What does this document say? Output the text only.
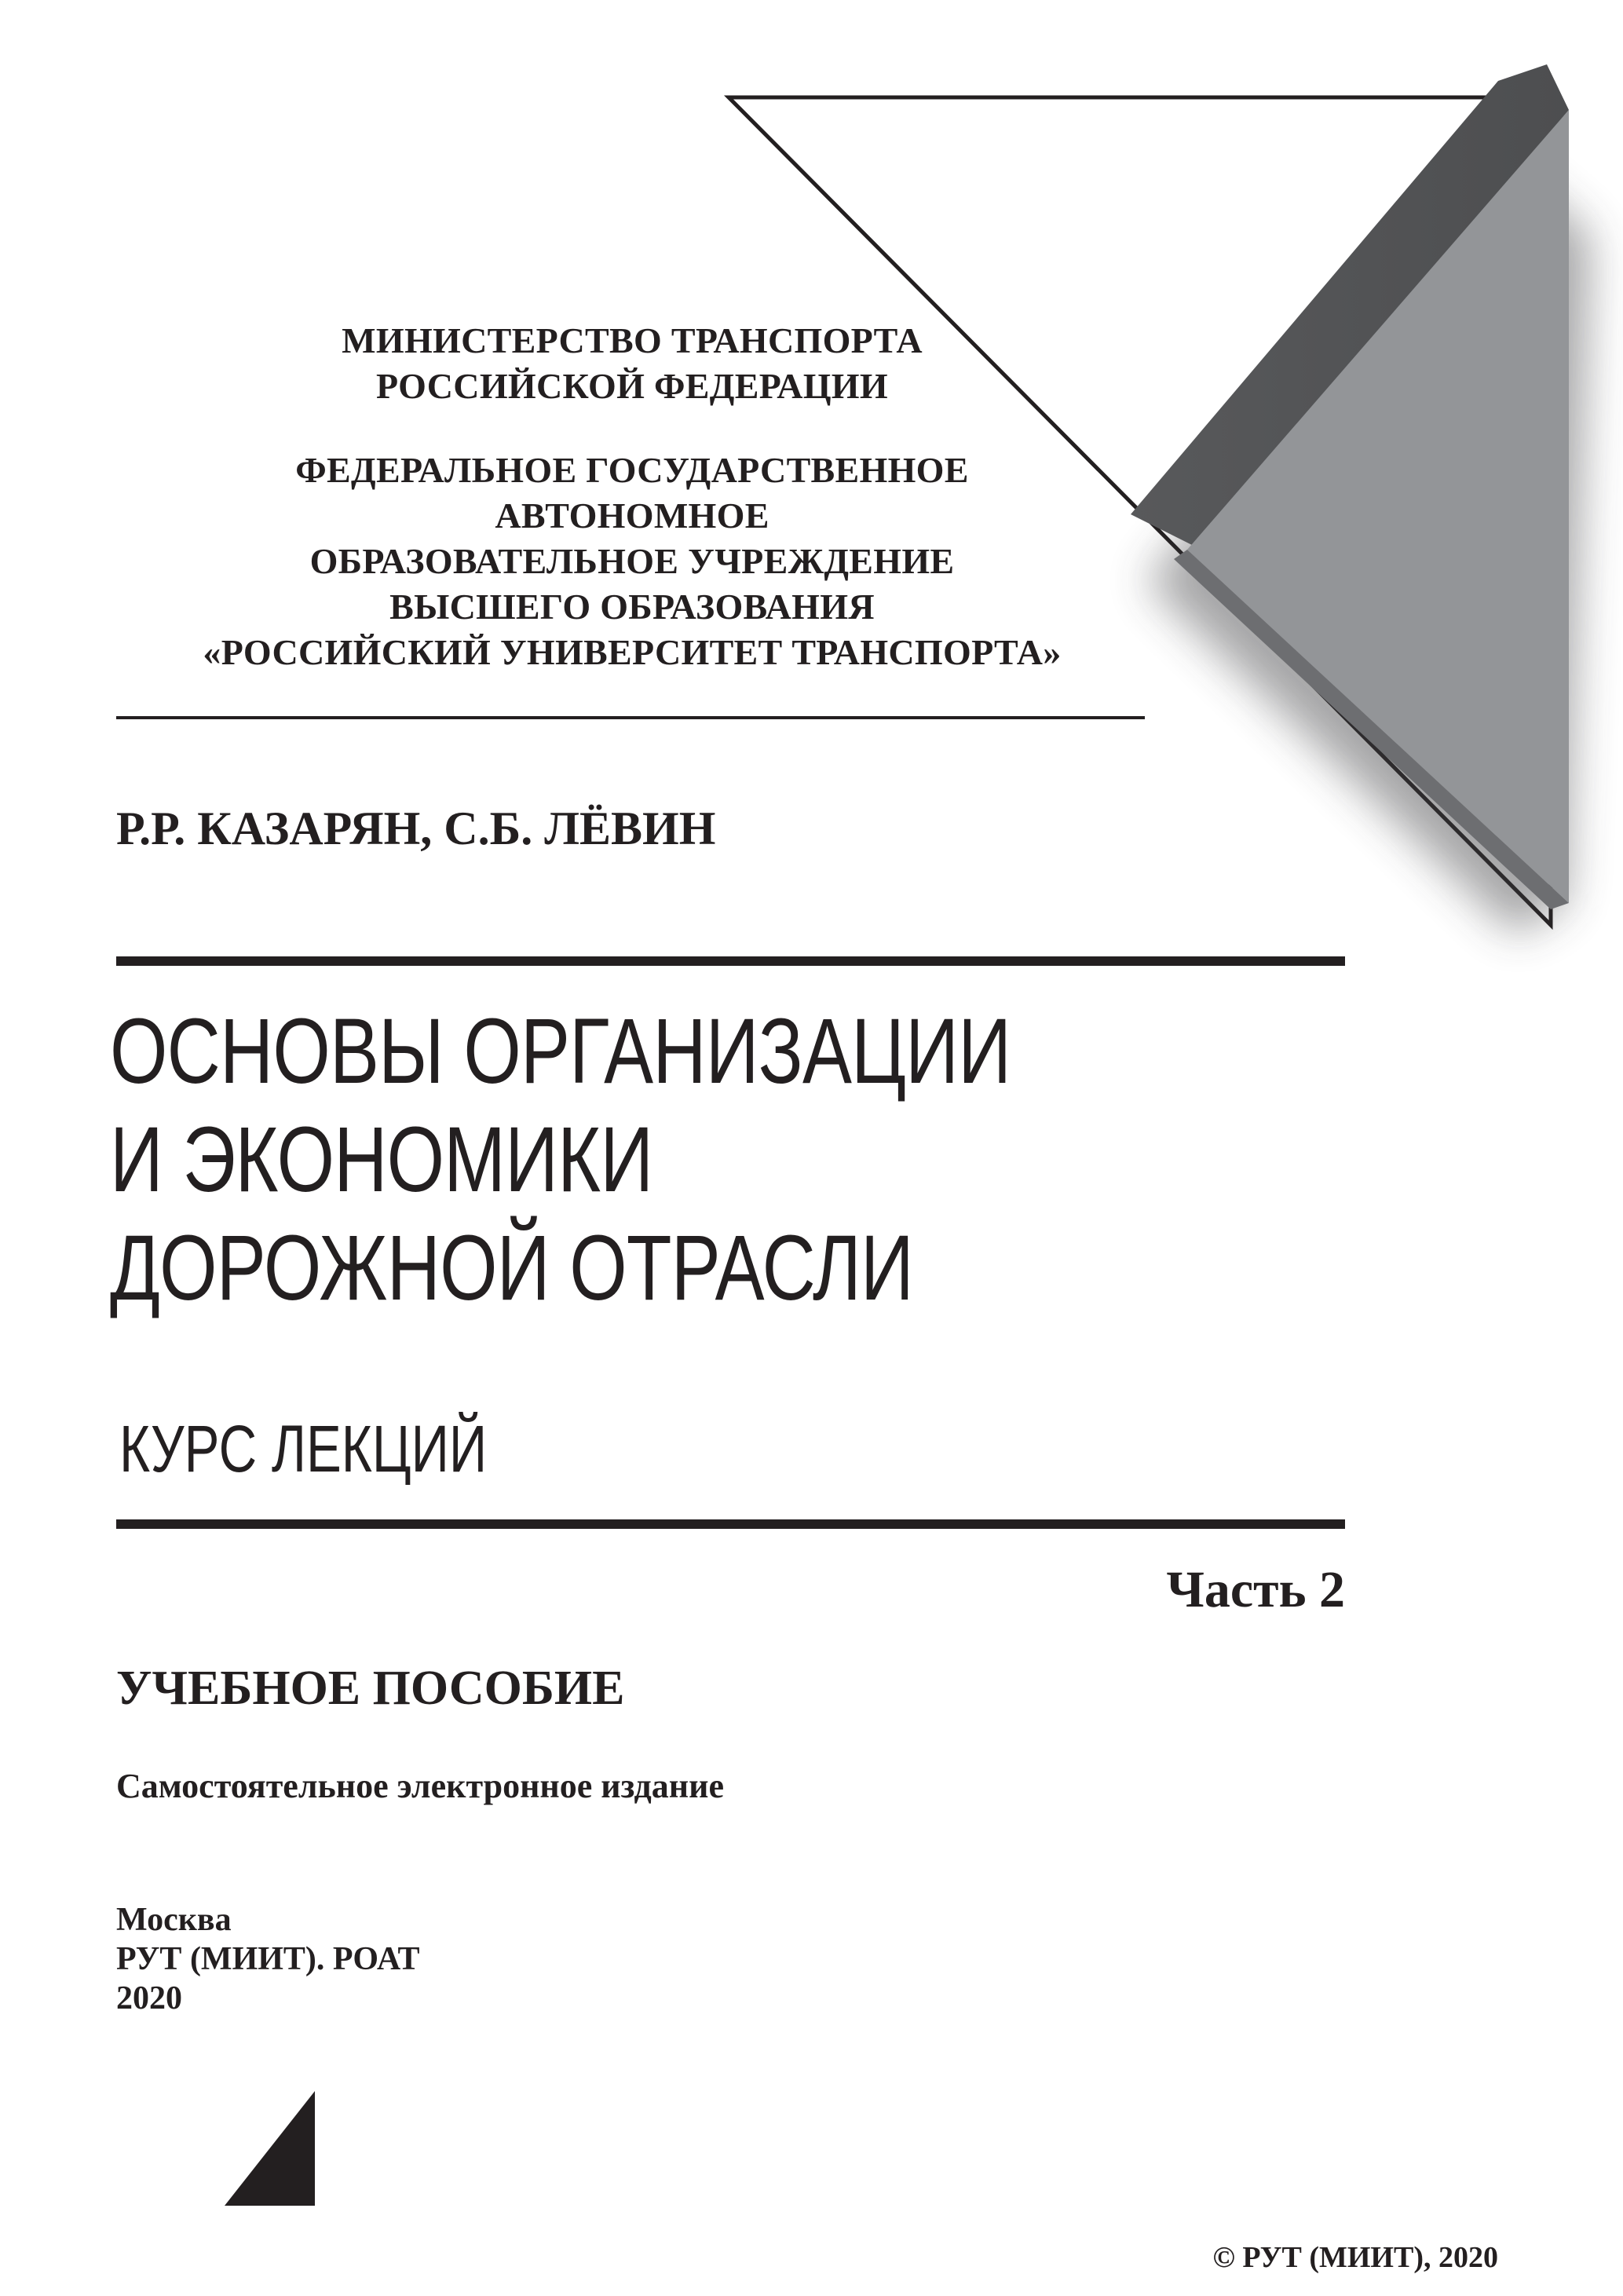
МИНИСТЕРСТВО ТРАНСПОРТА
РОССИЙСКОЙ ФЕДЕРАЦИИ
ФЕДЕРАЛЬНОЕ ГОСУДАРСТВЕННОЕ
АВТОНОМНОЕ
ОБРАЗОВАТЕЛЬНОЕ УЧРЕЖДЕНИЕ
ВЫСШЕГО ОБРАЗОВАНИЯ
«РОССИЙСКИЙ УНИВЕРСИТЕТ ТРАНСПОРТА»
Р.Р. КАЗАРЯН, С.Б. ЛЁВИН
ОСНОВЫ ОРГАНИЗАЦИИ
И ЭКОНОМИКИ
ДОРОЖНОЙ ОТРАСЛИ
КУРС ЛЕКЦИЙ
Часть 2
УЧЕБНОЕ ПОСОБИЕ
Самостоятельное электронное издание
Москва
РУТ (МИИТ). РОАТ
2020
© РУТ (МИИТ), 2020
